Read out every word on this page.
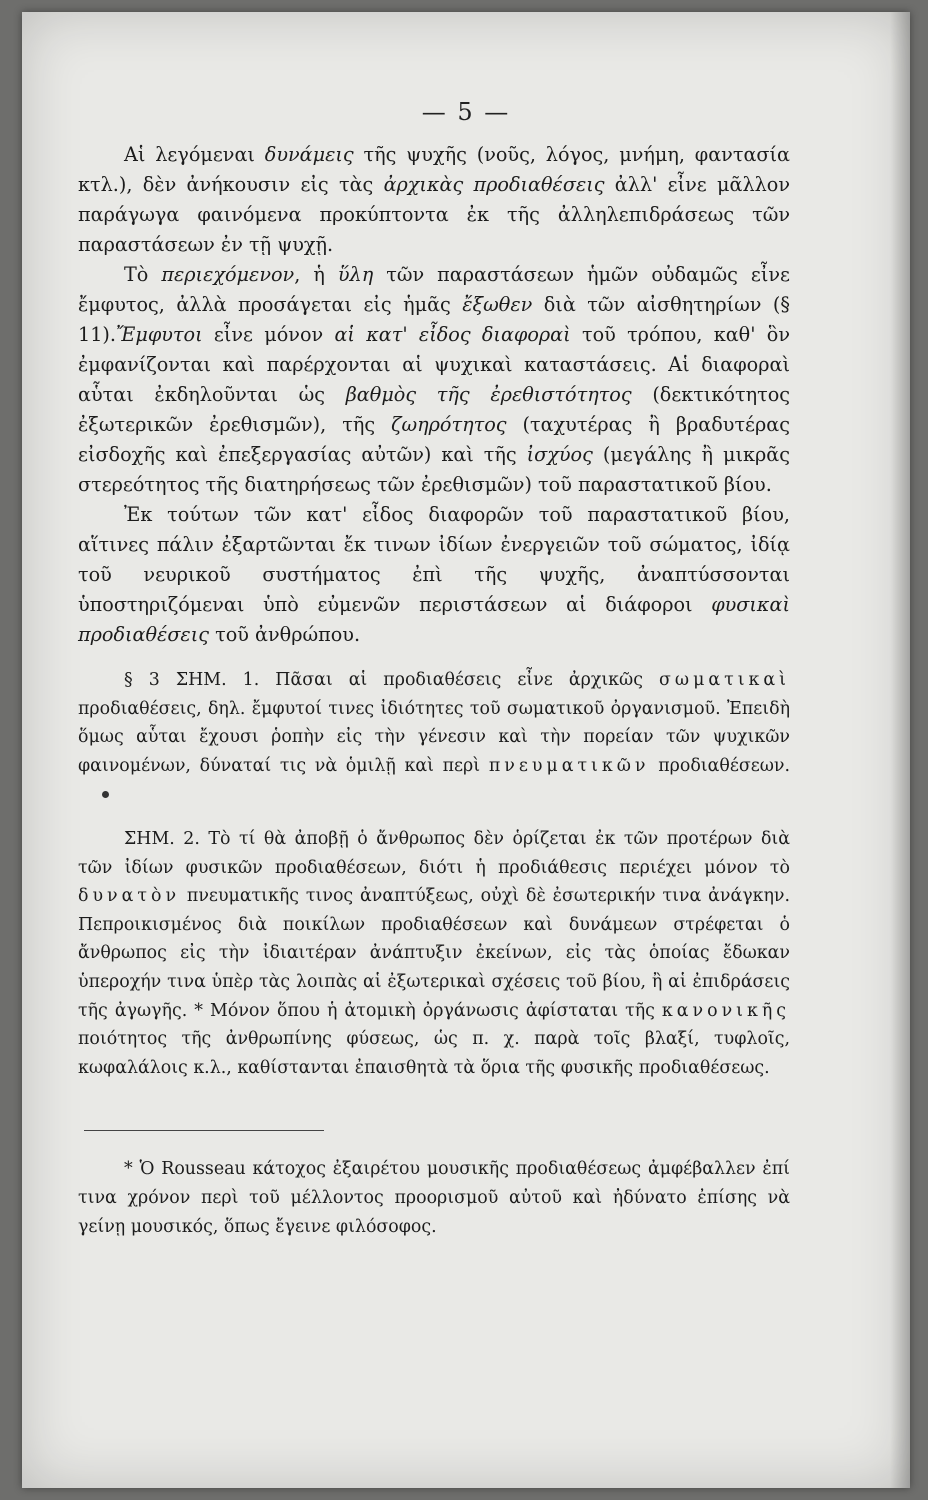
— 5 —

Αἱ λεγόμεναι δυνάμεις τῆς ψυχῆς (νοῦς, λόγος, μνήμη, φαντασία κτλ.), δὲν ἀνήκουσιν εἰς τὰς ἀρχικὰς προδιαθέσεις ἀλλ' εἶνε μᾶλλον παράγωγα φαινόμενα προκύπτοντα ἐκ τῆς ἀλληλεπιδράσεως τῶν παραστάσεων ἐν τῇ ψυχῇ.

Τὸ περιεχόμενον, ἡ ὕλη τῶν παραστάσεων ἡμῶν οὐδαμῶς εἶνε ἔμφυτος, ἀλλὰ προσάγεται εἰς ἡμᾶς ἔξωθεν διὰ τῶν αἰσθητηρίων (§ 11).Ἔμφυτοι εἶνε μόνον αἱ κατ' εἶδος διαφοραὶ τοῦ τρόπου, καθ' ὃν ἐμφανίζονται καὶ παρέρχονται αἱ ψυχικαὶ καταστάσεις. Αἱ διαφοραὶ αὗται ἐκδηλοῦνται ὡς βαθμὸς τῆς ἐρεθιστότητος (δεκτικότητος ἐξωτερικῶν ἐρεθισμῶν), τῆς ζωηρότητος (ταχυτέρας ἢ βραδυτέρας εἰσδοχῆς καὶ ἐπεξεργασίας αὐτῶν) καὶ τῆς ἰσχύος (μεγάλης ἢ μικρᾶς στερεότητος τῆς διατηρήσεως τῶν ἐρεθισμῶν) τοῦ παραστατικοῦ βίου.

Ἐκ τούτων τῶν κατ' εἶδος διαφορῶν τοῦ παραστατικοῦ βίου, αἵτινες πάλιν ἐξαρτῶνται ἔκ τινων ἰδίων ἐνεργειῶν τοῦ σώματος, ἰδίᾳ τοῦ νευρικοῦ συστήματος ἐπὶ τῆς ψυχῆς, ἀναπτύσσονται ὑποστηριζόμεναι ὑπὸ εὐμενῶν περιστάσεων αἱ διάφοροι φυσικαὶ προδιαθέσεις τοῦ ἀνθρώπου.

§ 3 ΣΗΜ. 1. Πᾶσαι αἱ προδιαθέσεις εἶνε ἀρχικῶς σωματικαὶ προδιαθέσεις, δηλ. ἔμφυτοί τινες ἰδιότητες τοῦ σωματικοῦ ὀργανισμοῦ. Ἐπειδὴ ὅμως αὗται ἔχουσι ῥοπὴν εἰς τὴν γένεσιν καὶ τὴν πορείαν τῶν ψυχικῶν φαινομένων, δύναταί τις νὰ ὁμιλῇ καὶ περὶ πνευματικῶν προδιαθέσεων.

ΣΗΜ. 2. Τὸ τί θὰ ἀποβῇ ὁ ἄνθρωπος δὲν ὁρίζεται ἐκ τῶν προτέρων διὰ τῶν ἰδίων φυσικῶν προδιαθέσεων, διότι ἡ προδιάθεσις περιέχει μόνον τὸ δυνατὸν πνευματικῆς τινος ἀναπτύξεως, οὐχὶ δὲ ἐσωτερικήν τινα ἀνάγκην. Πεπροικισμένος διὰ ποικίλων προδιαθέσεων καὶ δυνάμεων στρέφεται ὁ ἄνθρωπος εἰς τὴν ἰδιαιτέραν ἀνάπτυξιν ἐκείνων, εἰς τὰς ὁποίας ἔδωκαν ὑπεροχήν τινα ὑπὲρ τὰς λοιπὰς αἱ ἐξωτερικαὶ σχέσεις τοῦ βίου, ἢ αἱ ἐπιδράσεις τῆς ἀγωγῆς. * Μόνον ὅπου ἡ ἀτομικὴ ὀργάνωσις ἀφίσταται τῆς κανονικῆς ποιότητος τῆς ἀνθρωπίνης φύσεως, ὡς π. χ. παρὰ τοῖς βλαξί, τυφλοῖς, κωφαλάλοις κ.λ., καθίστανται ἐπαισθητὰ τὰ ὅρια τῆς φυσικῆς προδιαθέσεως.

* Ὁ Rousseau κάτοχος ἐξαιρέτου μουσικῆς προδιαθέσεως ἀμφέβαλλεν ἐπί τινα χρόνον περὶ τοῦ μέλλοντος προορισμοῦ αὐτοῦ καὶ ἠδύνατο ἐπίσης νὰ γείνῃ μουσικός, ὅπως ἔγεινε φιλόσοφος.
